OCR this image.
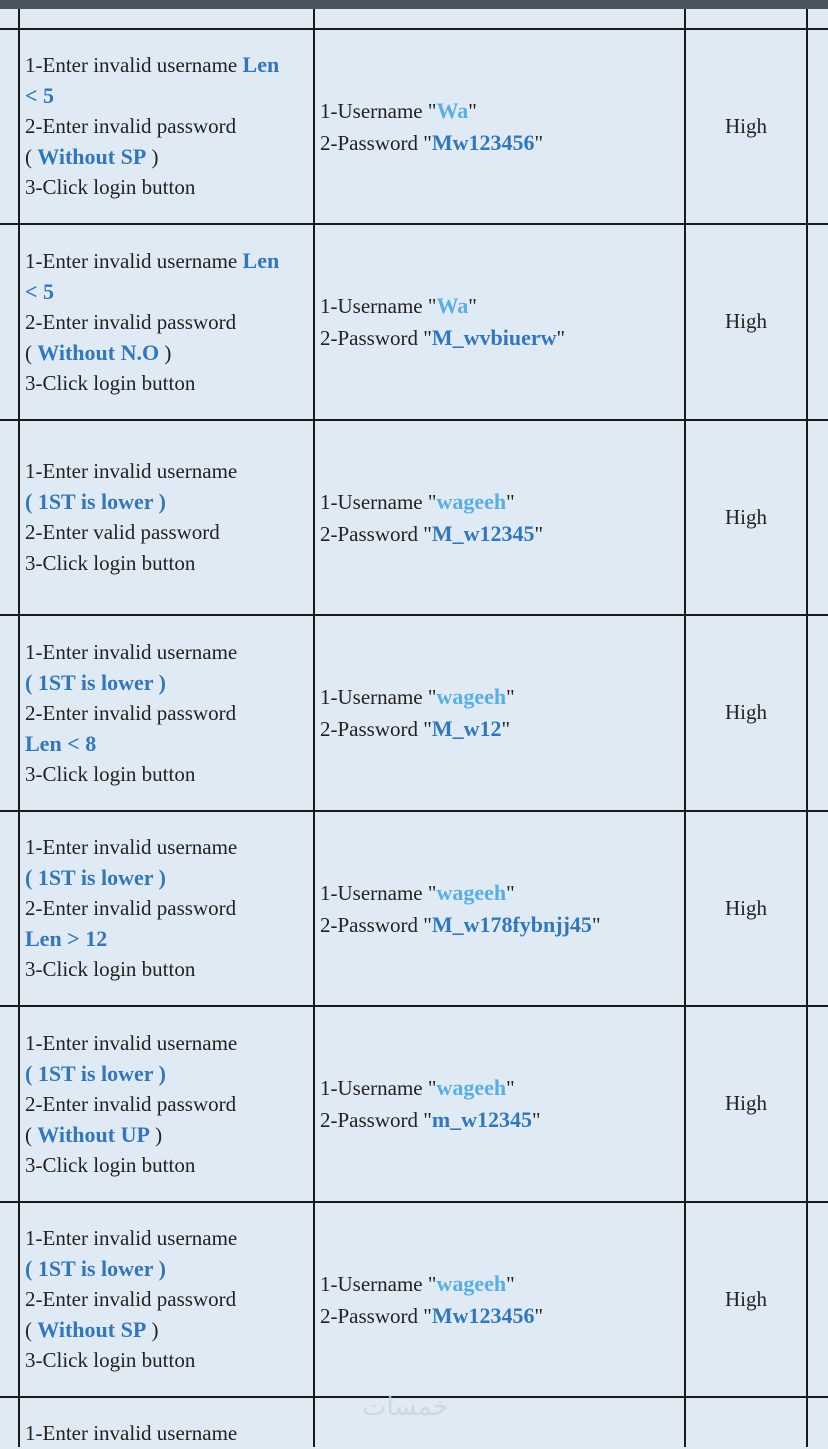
1-Enter invalid username Len
< 5
2-Enter invalid password
( Without SP )
3-Click login button
1-Username "Wa"
2-Password "Mw123456"
High
1-Enter invalid username Len
< 5
2-Enter invalid password
( Without N.O )
3-Click login button
1-Username "Wa"
2-Password "M_wvbiuerw"
High
1-Enter invalid username
( 1ST is lower )
2-Enter valid password
3-Click login button
1-Username "wageeh"
2-Password "M_w12345"
High
1-Enter invalid username
( 1ST is lower )
2-Enter invalid password
Len < 8
3-Click login button
1-Username "wageeh"
2-Password "M_w12"
High
1-Enter invalid username
( 1ST is lower )
2-Enter invalid password
Len > 12
3-Click login button
1-Username "wageeh"
2-Password "M_w178fybnjj45"
High
1-Enter invalid username
( 1ST is lower )
2-Enter invalid password
( Without UP )
3-Click login button
1-Username "wageeh"
2-Password "m_w12345"
High
1-Enter invalid username
( 1ST is lower )
2-Enter invalid password
( Without SP )
3-Click login button
1-Username "wageeh"
2-Password "Mw123456"
High
1-Enter invalid username
خمسات
